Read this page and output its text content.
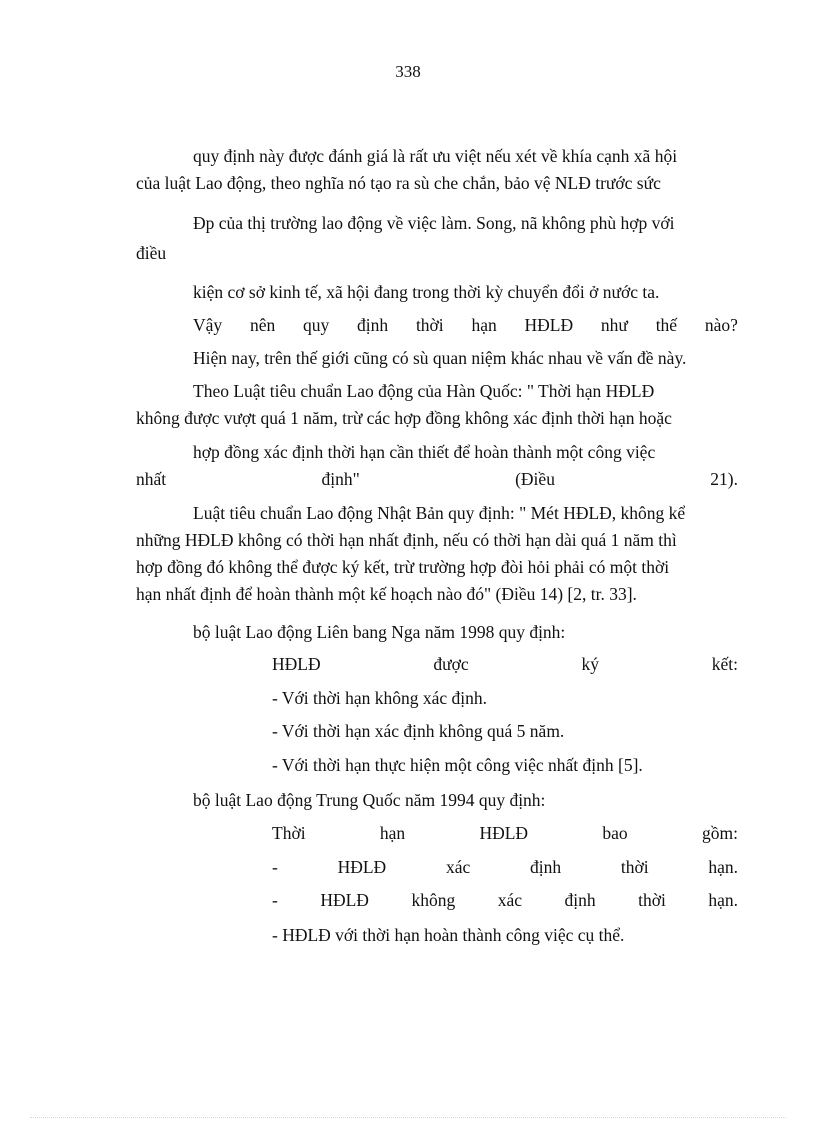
338
quy định này được đánh giá là rất ưu việt nếu xét về khía cạnh xã hội
của luật Lao động, theo nghĩa nó tạo ra sù che chắn, bảo vệ NLĐ trước sức
Ðp của thị trường lao động về việc làm. Song, nã không phù hợp với
điều
kiện cơ sở kinh tế, xã hội đang trong thời kỳ chuyển đổi ở nước ta.
Vậy nên quy định thời hạn HĐLĐ như thế nào?
Hiện nay, trên thế giới cũng có sù quan niệm khác nhau về vấn đề này.
Theo Luật tiêu chuẩn Lao động của Hàn Quốc: " Thời hạn HĐLĐ
không được vượt quá 1 năm, trừ các hợp đồng không xác định thời hạn hoặc
hợp đồng xác định thời hạn cần thiết để hoàn thành một công việc
nhất	định"	(Điều	21).
Luật tiêu chuẩn Lao động Nhật Bản quy định: " Mét HĐLĐ, không kể
những HĐLĐ không có thời hạn nhất định, nếu có thời hạn dài quá 1 năm thì
hợp đồng đó không thể được ký kết, trừ trường hợp đòi hỏi phải có một thời
hạn nhất định để hoàn thành một kế hoạch nào đó" (Điều 14) [2, tr. 33].
bộ luật Lao động Liên bang Nga năm 1998 quy định:
HĐLĐ	được	ký	kết:
- Với thời hạn không xác định.
- Với thời hạn xác định không quá 5 năm.
- Với thời hạn thực hiện một công việc nhất định [5].
bộ luật Lao động Trung Quốc năm 1994 quy định:
Thời	hạn	HĐLĐ	bao	gồm:
-	HĐLĐ	xác	định	thời	hạn.
- HĐLĐ không xác định thời hạn.
- HĐLĐ với thời hạn hoàn thành công việc cụ thể.
